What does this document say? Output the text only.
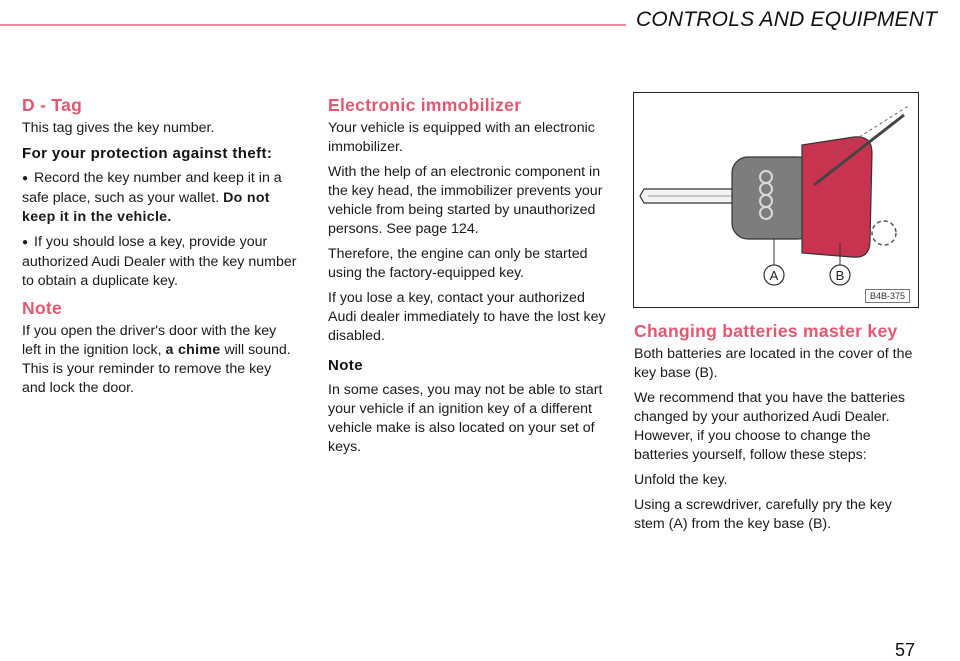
CONTROLS AND EQUIPMENT
D - Tag

This tag gives the key number.

For your protection against theft:

● Record the key number and keep it in a safe place, such as your wallet. Do not keep it in the vehicle.

● If you should lose a key, provide your authorized Audi Dealer with the key number to obtain a duplicate key.

Note

If you open the driver's door with the key left in the ignition lock, a chime will sound. This is your reminder to remove the key and lock the door.

Electronic immobilizer

Your vehicle is equipped with an electronic immobilizer.

With the help of an electronic component in the key head, the immobilizer prevents your vehicle from being started by unauthorized persons. See page 124.

Therefore, the engine can only be started using the factory-equipped key.

If you lose a key, contact your authorized Audi dealer immediately to have the lost key disabled.

Note

In some cases, you may not be able to start your vehicle if an ignition key of a different vehicle make is also located on your set of keys.

A	B
B4B-375
Changing batteries master key

Both batteries are located in the cover of the key base (B).

We recommend that you have the batteries changed by your authorized Audi Dealer. However, if you choose to change the batteries yourself, follow these steps:

Unfold the key.

Using a screwdriver, carefully pry the key stem (A) from the key base (B).

57
